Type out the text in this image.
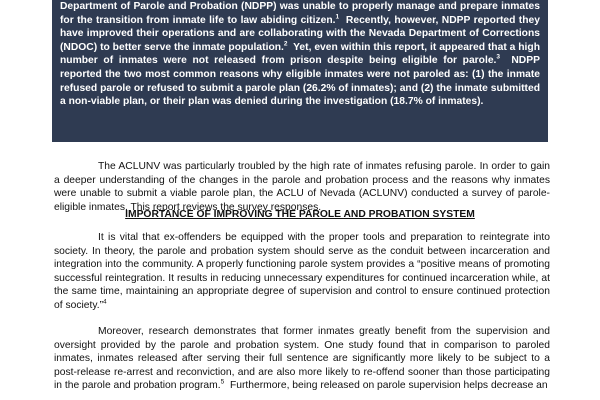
Department of Parole and Probation (NDPP) was unable to properly manage and prepare inmates for the transition from inmate life to law abiding citizen.$^1$ Recently, however, NDPP reported they have improved their operations and are collaborating with the Nevada Department of Corrections (NDOC) to better serve the inmate population.$^2$ Yet, even within this report, it appeared that a high number of inmates were not released from prison despite being eligible for parole.$^3$ NDPP reported the two most common reasons why eligible inmates were not paroled as: (1) the inmate refused parole or refused to submit a parole plan (26.2% of inmates); and (2) the inmate submitted a non-viable plan, or their plan was denied during the investigation (18.7% of inmates).
The ACLUNV was particularly troubled by the high rate of inmates refusing parole. In order to gain a deeper understanding of the changes in the parole and probation process and the reasons why inmates were unable to submit a viable parole plan, the ACLU of Nevada (ACLUNV) conducted a survey of parole-eligible inmates. This report reviews the survey responses.
IMPORTANCE OF IMPROVING THE PAROLE AND PROBATION SYSTEM
It is vital that ex-offenders be equipped with the proper tools and preparation to reintegrate into society. In theory, the parole and probation system should serve as the conduit between incarceration and integration into the community. A properly functioning parole system provides a “positive means of promoting successful reintegration. It results in reducing unnecessary expenditures for continued incarceration while, at the same time, maintaining an appropriate degree of supervision and control to ensure continued protection of society.”$^4$
Moreover, research demonstrates that former inmates greatly benefit from the supervision and oversight provided by the parole and probation system. One study found that in comparison to paroled inmates, inmates released after serving their full sentence are significantly more likely to be subject to a post-release re-arrest and reconviction, and are also more likely to re-offend sooner than those participating in the parole and probation program.$^5$ Furthermore, being released on parole supervision helps decrease an
